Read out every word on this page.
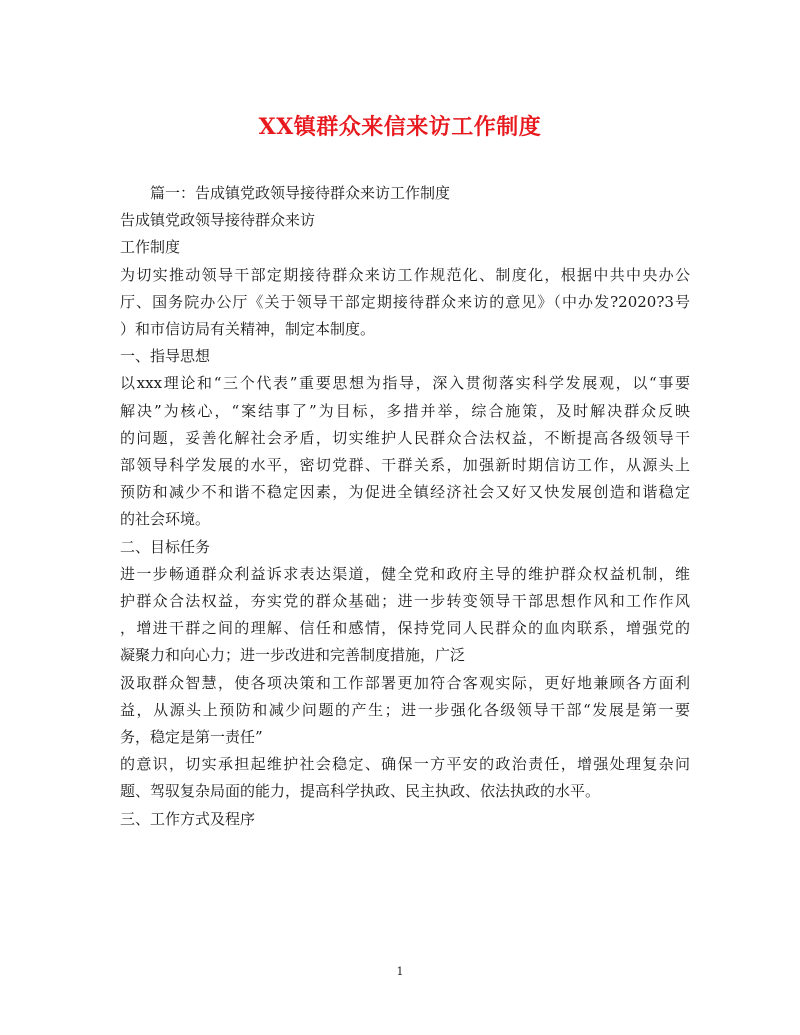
XX镇群众来信来访工作制度

篇一：告成镇党政领导接待群众来访工作制度

告成镇党政领导接待群众来访

工作制度

为切实推动领导干部定期接待群众来访工作规范化、制度化，根据中共中央办公

厅、国务院办公厅《关于领导干部定期接待群众来访的意见》（中办发?2020?3号

）和市信访局有关精神，制定本制度。

一、指导思想

以xxx理论和“三个代表”重要思想为指导，深入贯彻落实科学发展观，以“事要

解决”为核心，“案结事了”为目标，多措并举，综合施策，及时解决群众反映

的问题，妥善化解社会矛盾，切实维护人民群众合法权益，不断提高各级领导干

部领导科学发展的水平，密切党群、干群关系，加强新时期信访工作，从源头上

预防和减少不和谐不稳定因素，为促进全镇经济社会又好又快发展创造和谐稳定

的社会环境。

二、目标任务

进一步畅通群众利益诉求表达渠道，健全党和政府主导的维护群众权益机制，维

护群众合法权益，夯实党的群众基础；进一步转变领导干部思想作风和工作作风

，增进干群之间的理解、信任和感情，保持党同人民群众的血肉联系，增强党的

凝聚力和向心力；进一步改进和完善制度措施，广泛

汲取群众智慧，使各项决策和工作部署更加符合客观实际，更好地兼顾各方面利

益，从源头上预防和减少问题的产生；进一步强化各级领导干部“发展是第一要

务，稳定是第一责任”

的意识，切实承担起维护社会稳定、确保一方平安的政治责任，增强处理复杂问

题、驾驭复杂局面的能力，提高科学执政、民主执政、依法执政的水平。

三、工作方式及程序

1
